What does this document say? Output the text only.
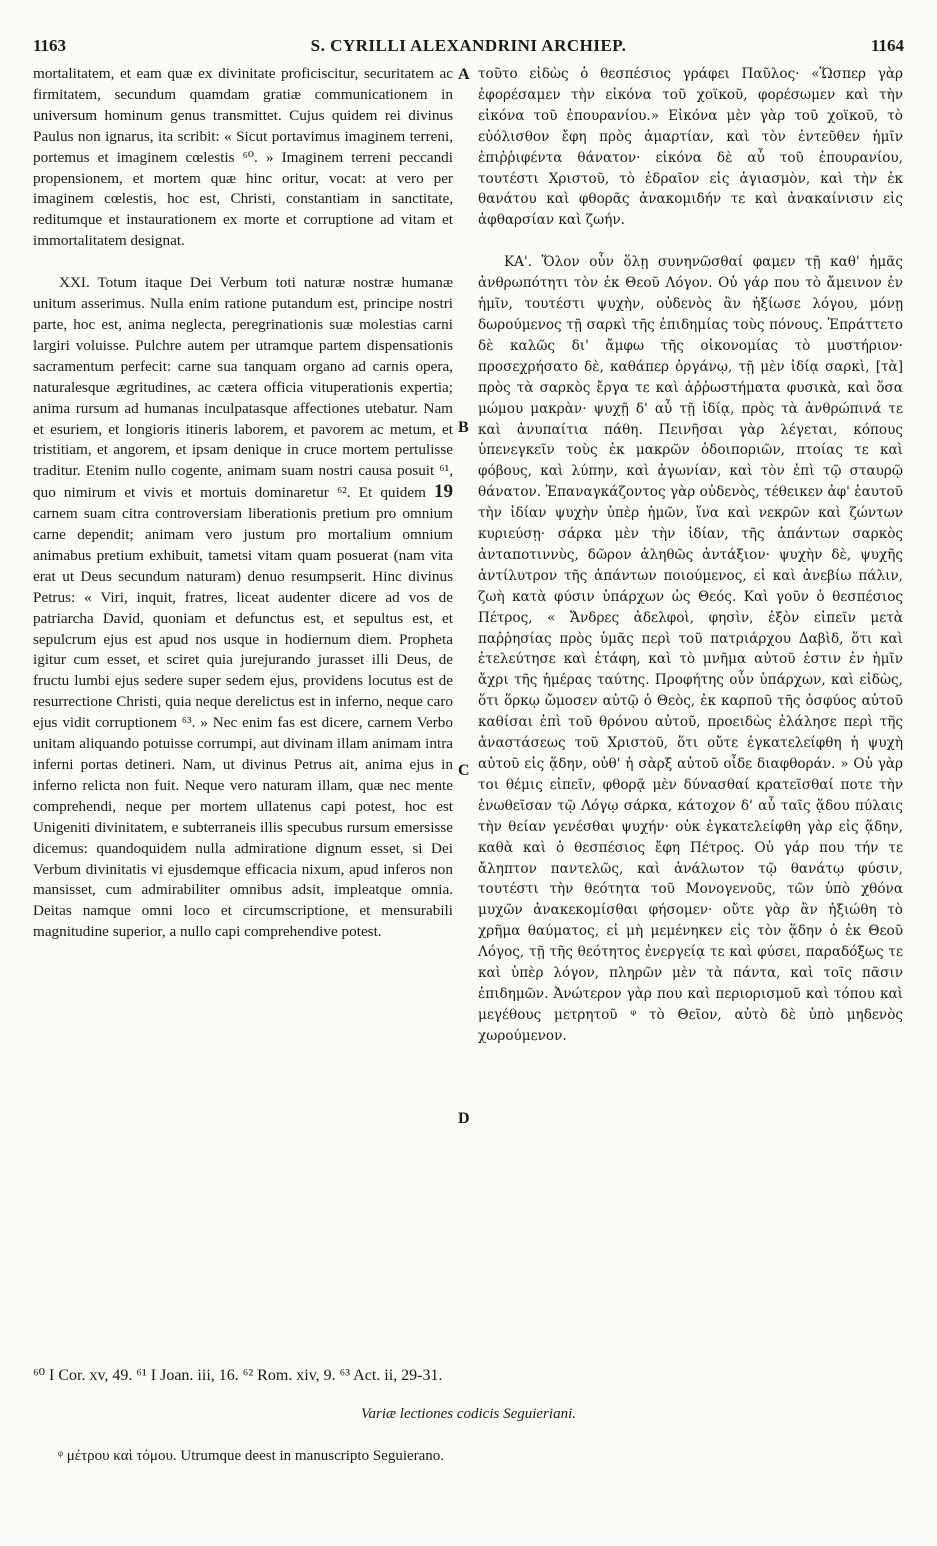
1163	S. CYRILLI ALEXANDRINI ARCHIEP.	1164

mortalitatem, et eam quæ ex divinitate proficiscitur, securitatem ac firmitatem, secundum quamdam gratiæ communicationem in universum hominum genus transmittet. Cujus quidem rei divinus Paulus non ignarus, ita scribit: « Sicut portavimus imaginem terreni, portemus et imaginem cœlestis ⁶⁰. » Imaginem terreni peccandi propensionem, et mortem quæ hinc oritur, vocat: at vero per imaginem cœlestis, hoc est, Christi, constantiam in sanctitate, reditumque et instaurationem ex morte et corruptione ad vitam et immortalitatem designat.

XXI. Totum itaque Dei Verbum toti naturæ nostræ humanæ unitum asserimus. Nulla enim ratione putandum est, principe nostri parte, hoc est, anima neglecta, peregrinationis suæ molestias carni largiri voluisse. Pulchre autem per utramque partem dispensationis sacramentum perfecit: carne sua tanquam organo ad carnis opera, naturalesque ægritudines, ac cætera officia vituperationis expertia; anima rursum ad humanas inculpatasque affectiones utebatur. Nam et esuriem, et longioris itineris laborem, et pavorem ac metum, et tristitiam, et angorem, et ipsam denique in cruce mortem pertulisse traditur. Etenim nullo cogente, animam suam nostri causa posuit ⁶¹, quo nimirum et vivis et mortuis dominaretur ⁶². Et quidem 19 carnem suam citra controversiam liberationis pretium pro omnium carne dependit; animam vero justum pro mortalium omnium animabus pretium exhibuit, tametsi vitam quam posuerat (nam vita erat ut Deus secundum naturam) denuo resumpserit. Hinc divinus Petrus: « Viri, inquit, fratres, liceat audenter dicere ad vos de patriarcha David, quoniam et defunctus est, et sepultus est, et sepulcrum ejus est apud nos usque in hodiernum diem. Propheta igitur cum esset, et sciret quia jurejurando jurasset illi Deus, de fructu lumbi ejus sedere super sedem ejus, providens locutus est de resurrectione Christi, quia neque derelictus est in inferno, neque caro ejus vidit corruptionem ⁶³. » Nec enim fas est dicere, carnem Verbo unitam aliquando potuisse corrumpi, aut divinam illam animam intra inferni portas detineri. Nam, ut divinus Petrus ait, anima ejus in inferno relicta non fuit. Neque vero naturam illam, quæ nec mente comprehendi, neque per mortem ullatenus capi potest, hoc est Unigeniti divinitatem, e subterraneis illis specubus rursum emersisse dicemus: quandoquidem nulla admiratione dignum esset, si Dei Verbum divinitatis vi ejusdemque efficacia nixum, apud inferos non mansisset, cum admirabiliter omnibus adsit, impleatque omnia. Deitas namque omni loco et circumscriptione, et mensurabili magnitudine superior, a nullo capi comprehendive potest.

A
B
C
D

τοῦτο εἰδὼς ὁ θεσπέσιος γράφει Παῦλος· «Ὥσπερ γὰρ ἐφορέσαμεν τὴν εἰκόνα τοῦ χοϊκοῦ, φορέσωμεν καὶ τὴν εἰκόνα τοῦ ἐπουρανίου.» Εἰκόνα μὲν γὰρ τοῦ χοϊκοῦ, τὸ εὐόλισθον ἔφη πρὸς ἁμαρτίαν, καὶ τὸν ἐντεῦθεν ἡμῖν ἐπιῤῥιφέντα θάνατον· εἰκόνα δὲ αὖ τοῦ ἐπουρανίου, τουτέστι Χριστοῦ, τὸ ἑδραῖον εἰς ἁγιασμὸν, καὶ τὴν ἐκ θανάτου καὶ φθορᾶς ἀνακομιδήν τε καὶ ἀνακαίνισιν εἰς ἀφθαρσίαν καὶ ζωήν.

ΚΑ'. Ὅλον οὖν ὅλῃ συνηνῶσθαί φαμεν τῇ καθ' ἡμᾶς ἀνθρωπότητι τὸν ἐκ Θεοῦ Λόγον. Οὐ γάρ που τὸ ἄμεινον ἐν ἡμῖν, τουτέστι ψυχὴν, οὐδενὸς ἂν ἠξίωσε λόγου, μόνῃ δωρούμενος τῇ σαρκὶ τῆς ἐπιδημίας τοὺς πόνους. Ἐπράττετο δὲ καλῶς δι' ἄμφω τῆς οἰκονομίας τὸ μυστήριον· προσεχρήσατο δὲ, καθάπερ ὀργάνῳ, τῇ μὲν ἰδίᾳ σαρκὶ, [τὰ] πρὸς τὰ σαρκὸς ἔργα τε καὶ ἀῤῥωστήματα φυσικὰ, καὶ ὅσα μώμου μακρὰν· ψυχῇ δ' αὖ τῇ ἰδίᾳ, πρὸς τὰ ἀνθρώπινά τε καὶ ἀνυπαίτια πάθη. Πεινῆσαι γὰρ λέγεται, κόπους ὑπενεγκεῖν τοὺς ἐκ μακρῶν ὁδοιποριῶν, πτοίας τε καὶ φόβους, καὶ λύπην, καὶ ἀγωνίαν, καὶ τὸν ἐπὶ τῷ σταυρῷ θάνατον. Ἐπαναγκάζοντος γὰρ οὐδενὸς, τέθεικεν ἀφ' ἑαυτοῦ τὴν ἰδίαν ψυχὴν ὑπὲρ ἡμῶν, ἵνα καὶ νεκρῶν καὶ ζώντων κυριεύσῃ· σάρκα μὲν τὴν ἰδίαν, τῆς ἁπάντων σαρκὸς ἀνταποτιννὺς, δῶρον ἀληθῶς ἀντάξιον· ψυχὴν δὲ, ψυχῆς ἀντίλυτρον τῆς ἁπάντων ποιούμενος, εἰ καὶ ἀνεβίω πάλιν, ζωὴ κατὰ φύσιν ὑπάρχων ὡς Θεός. Καὶ γοῦν ὁ θεσπέσιος Πέτρος, « Ἄνδρες ἀδελφοὶ, φησὶν, ἐξὸν εἰπεῖν μετὰ παῤῥησίας πρὸς ὑμᾶς περὶ τοῦ πατριάρχου Δαβὶδ, ὅτι καὶ ἐτελεύτησε καὶ ἐτάφη, καὶ τὸ μνῆμα αὐτοῦ ἐστιν ἐν ἡμῖν ἄχρι τῆς ἡμέρας ταύτης. Προφήτης οὖν ὑπάρχων, καὶ εἰδὼς, ὅτι ὅρκῳ ὤμοσεν αὐτῷ ὁ Θεὸς, ἐκ καρποῦ τῆς ὀσφύος αὐτοῦ καθίσαι ἐπὶ τοῦ θρόνου αὐτοῦ, προειδὼς ἐλάλησε περὶ τῆς ἀναστάσεως τοῦ Χριστοῦ, ὅτι οὔτε ἐγκατελείφθη ἡ ψυχὴ αὐτοῦ εἰς ᾅδην, οὐθ' ἡ σὰρξ αὐτοῦ οἶδε διαφθοράν. » Οὐ γὰρ τοι θέμις εἰπεῖν, φθορᾷ μὲν δύνασθαί κρατεῖσθαί ποτε τὴν ἑνωθεῖσαν τῷ Λόγῳ σάρκα, κάτοχον δ' αὖ ταῖς ᾅδου πύλαις τὴν θείαν γενέσθαι ψυχήν· οὐκ ἐγκατελείφθη γὰρ εἰς ᾅδην, καθὰ καὶ ὁ θεσπέσιος ἔφη Πέτρος. Οὐ γάρ που τήν τε ἄληπτον παντελῶς, καὶ ἀνάλωτον τῷ θανάτῳ φύσιν, τουτέστι τὴν θεότητα τοῦ Μονογενοῦς, τῶν ὑπὸ χθόνα μυχῶν ἀνακεκομίσθαι φήσομεν· οὔτε γὰρ ἂν ἠξιώθη τὸ χρῆμα θαύματος, εἰ μὴ μεμένηκεν εἰς τὸν ᾅδην ὁ ἐκ Θεοῦ Λόγος, τῇ τῆς θεότητος ἐνεργείᾳ τε καὶ φύσει, παραδόξως τε καὶ ὑπὲρ λόγον, πληρῶν μὲν τὰ πάντα, καὶ τοῖς πᾶσιν ἐπιδημῶν. Ἀνώτερον γὰρ που καὶ περιορισμοῦ καὶ τόπου καὶ μεγέθους μετρητοῦ ᵠ τὸ Θεῖον, αὐτὸ δὲ ὑπὸ μηδενὸς χωρούμενον.

⁶⁰ I Cor. xv, 49. ⁶¹ I Joan. iii, 16. ⁶² Rom. xiv, 9. ⁶³ Act. ii, 29-31.
Variæ lectiones codicis Seguieriani.
ᵠ μέτρου καὶ τόμου. Utrumque deest in manuscripto Seguierano.
